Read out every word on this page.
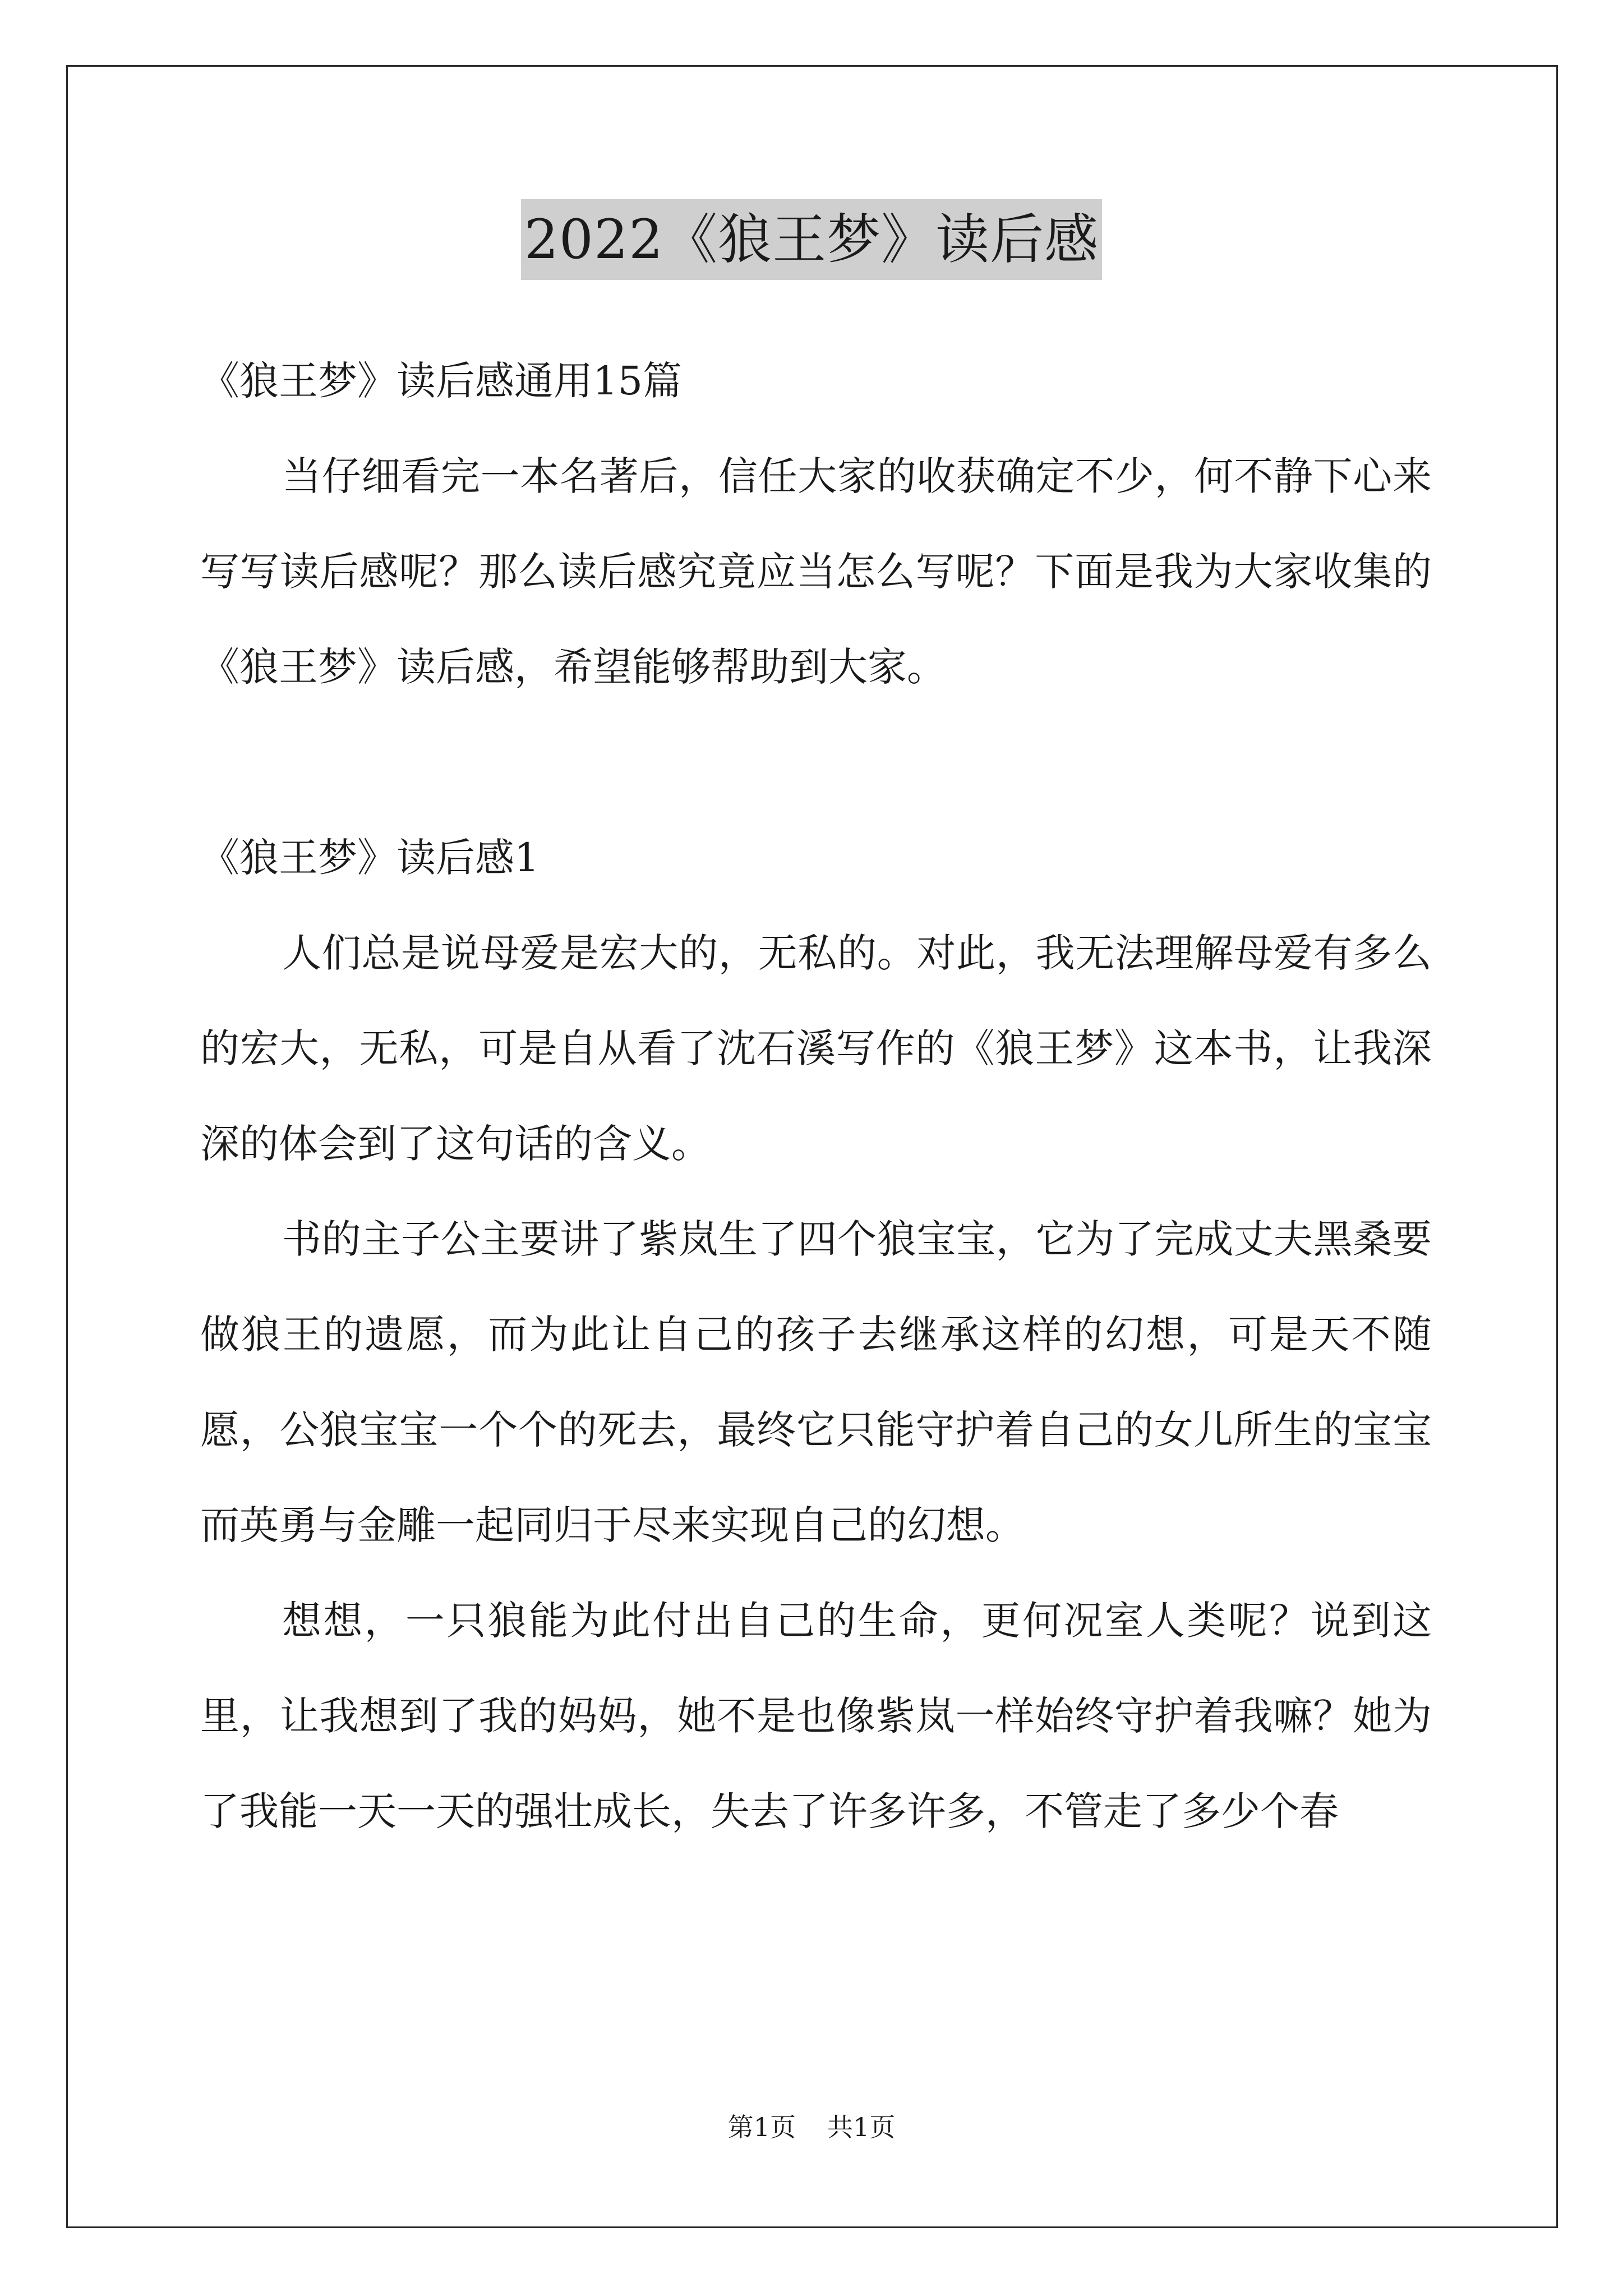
2022《狼王梦》读后感

《狼王梦》读后感通用15篇

当仔细看完一本名著后，信任大家的收获确定不少，何不静下心来写写读后感呢？那么读后感究竟应当怎么写呢？下面是我为大家收集的《狼王梦》读后感，希望能够帮助到大家。

《狼王梦》读后感1

人们总是说母爱是宏大的，无私的。对此，我无法理解母爱有多么的宏大，无私，可是自从看了沈石溪写作的《狼王梦》这本书，让我深深的体会到了这句话的含义。

书的主子公主要讲了紫岚生了四个狼宝宝，它为了完成丈夫黑桑要做狼王的遗愿，而为此让自己的孩子去继承这样的幻想，可是天不随愿，公狼宝宝一个个的死去，最终它只能守护着自己的女儿所生的宝宝而英勇与金雕一起同归于尽来实现自己的幻想。

想想，一只狼能为此付出自己的生命，更何况室人类呢？说到这里，让我想到了我的妈妈，她不是也像紫岚一样始终守护着我嘛？她为了我能一天一天的强壮成长，失去了许多许多，不管走了多少个春

第1页 共1页
